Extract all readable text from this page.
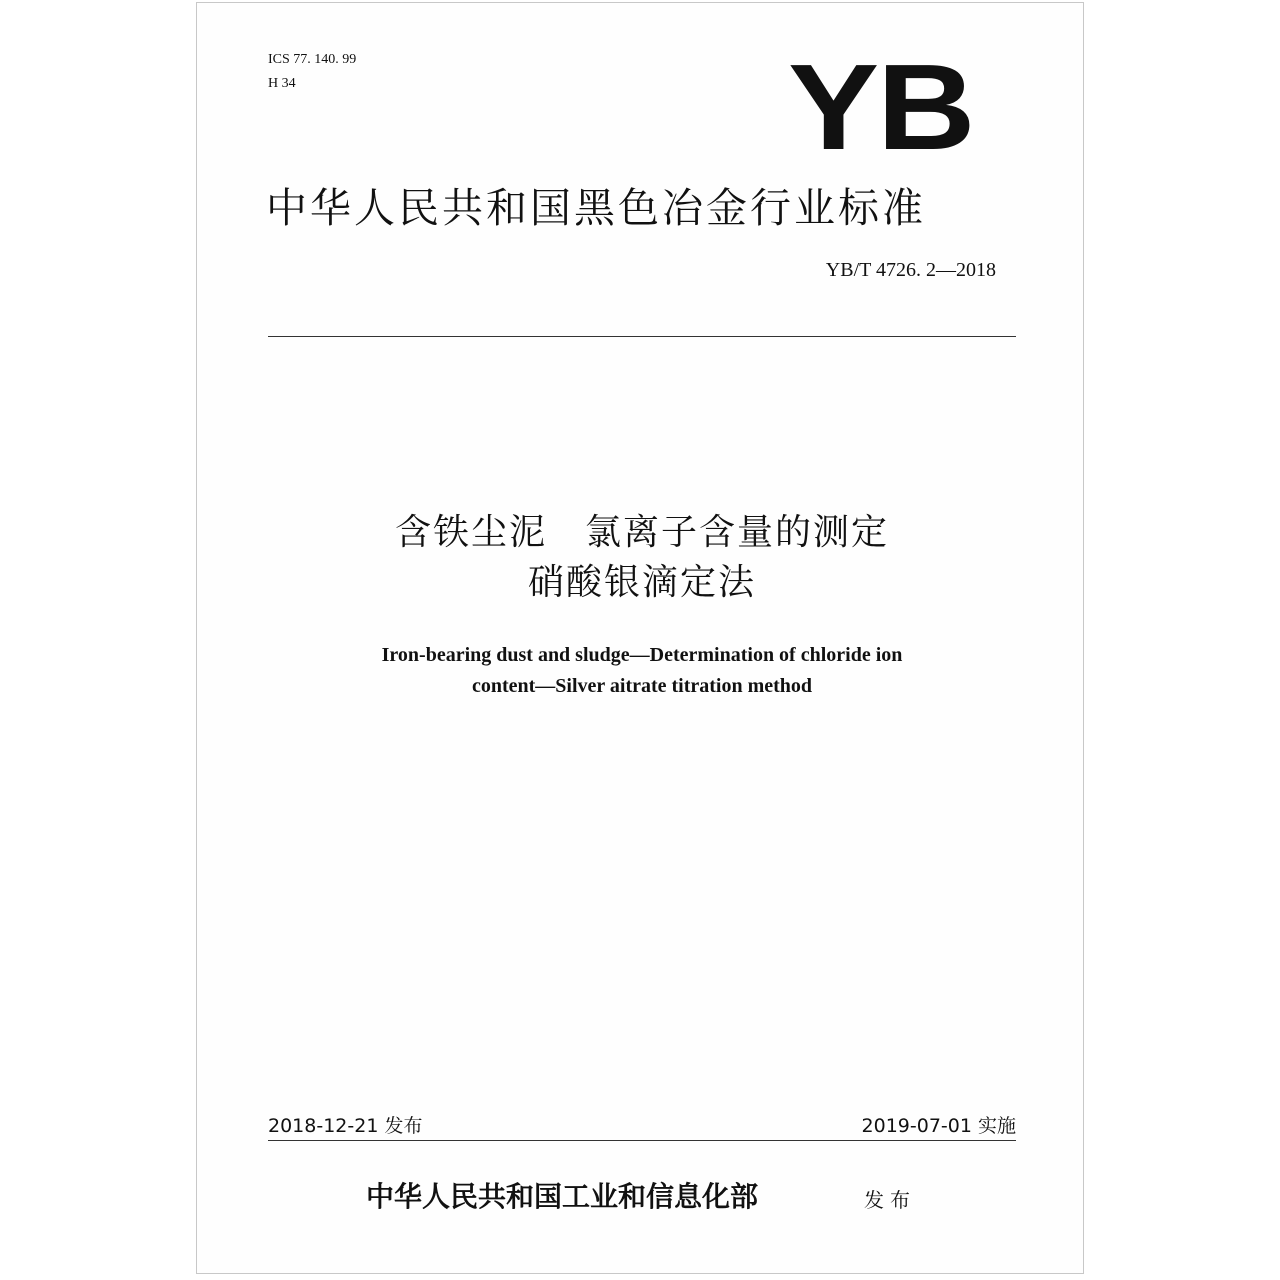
ICS 77. 140. 99
H 34	YB
中华人民共和国黑色冶金行业标准
YB/T 4726. 2—2018
含铁尘泥　氯离子含量的测定
硝酸银滴定法
Iron-bearing dust and sludge—Determination of chloride ion
content—Silver aitrate titration method
2018-12-21 发布	2019-07-01 实施
中华人民共和国工业和信息化部	发布
